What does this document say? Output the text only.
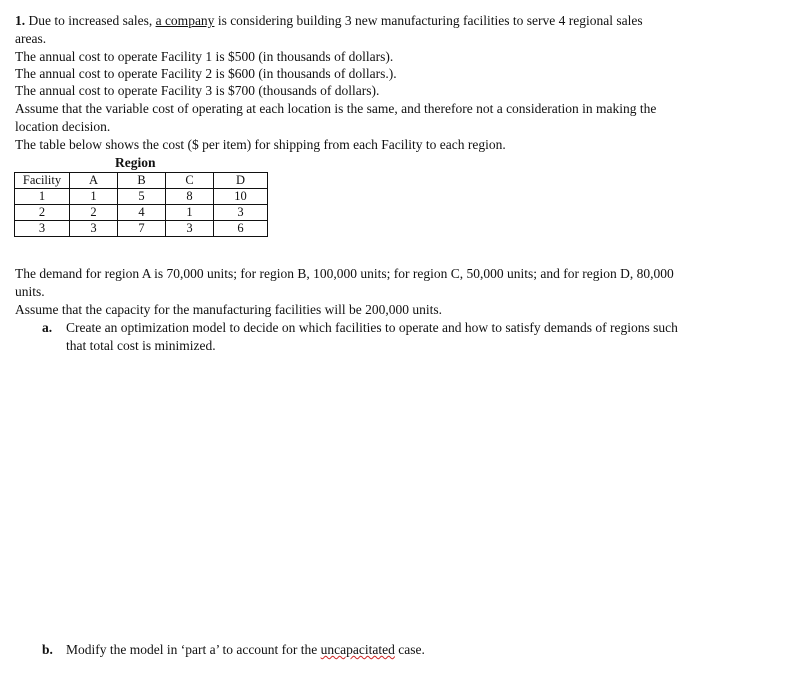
1. Due to increased sales, a company is considering building 3 new manufacturing facilities to serve 4 regional sales
areas.
The annual cost to operate Facility 1 is $500 (in thousands of dollars).
The annual cost to operate Facility 2 is $600 (in thousands of dollars.).
The annual cost to operate Facility 3 is $700 (thousands of dollars).
Assume that the variable cost of operating at each location is the same, and therefore not a consideration in making the
location decision.
The table below shows the cost ($ per item) for shipping from each Facility to each region.
Region
Facility	A	B	C	D
1	1	5	8	10
2	2	4	1	3
3	3	7	3	6
The demand for region A is 70,000 units; for region B, 100,000 units; for region C, 50,000 units; and for region D, 80,000
units.
Assume that the capacity for the manufacturing facilities will be 200,000 units.
a. Create an optimization model to decide on which facilities to operate and how to satisfy demands of regions such
that total cost is minimized.
b. Modify the model in ‘part a’ to account for the uncapacitated case.
